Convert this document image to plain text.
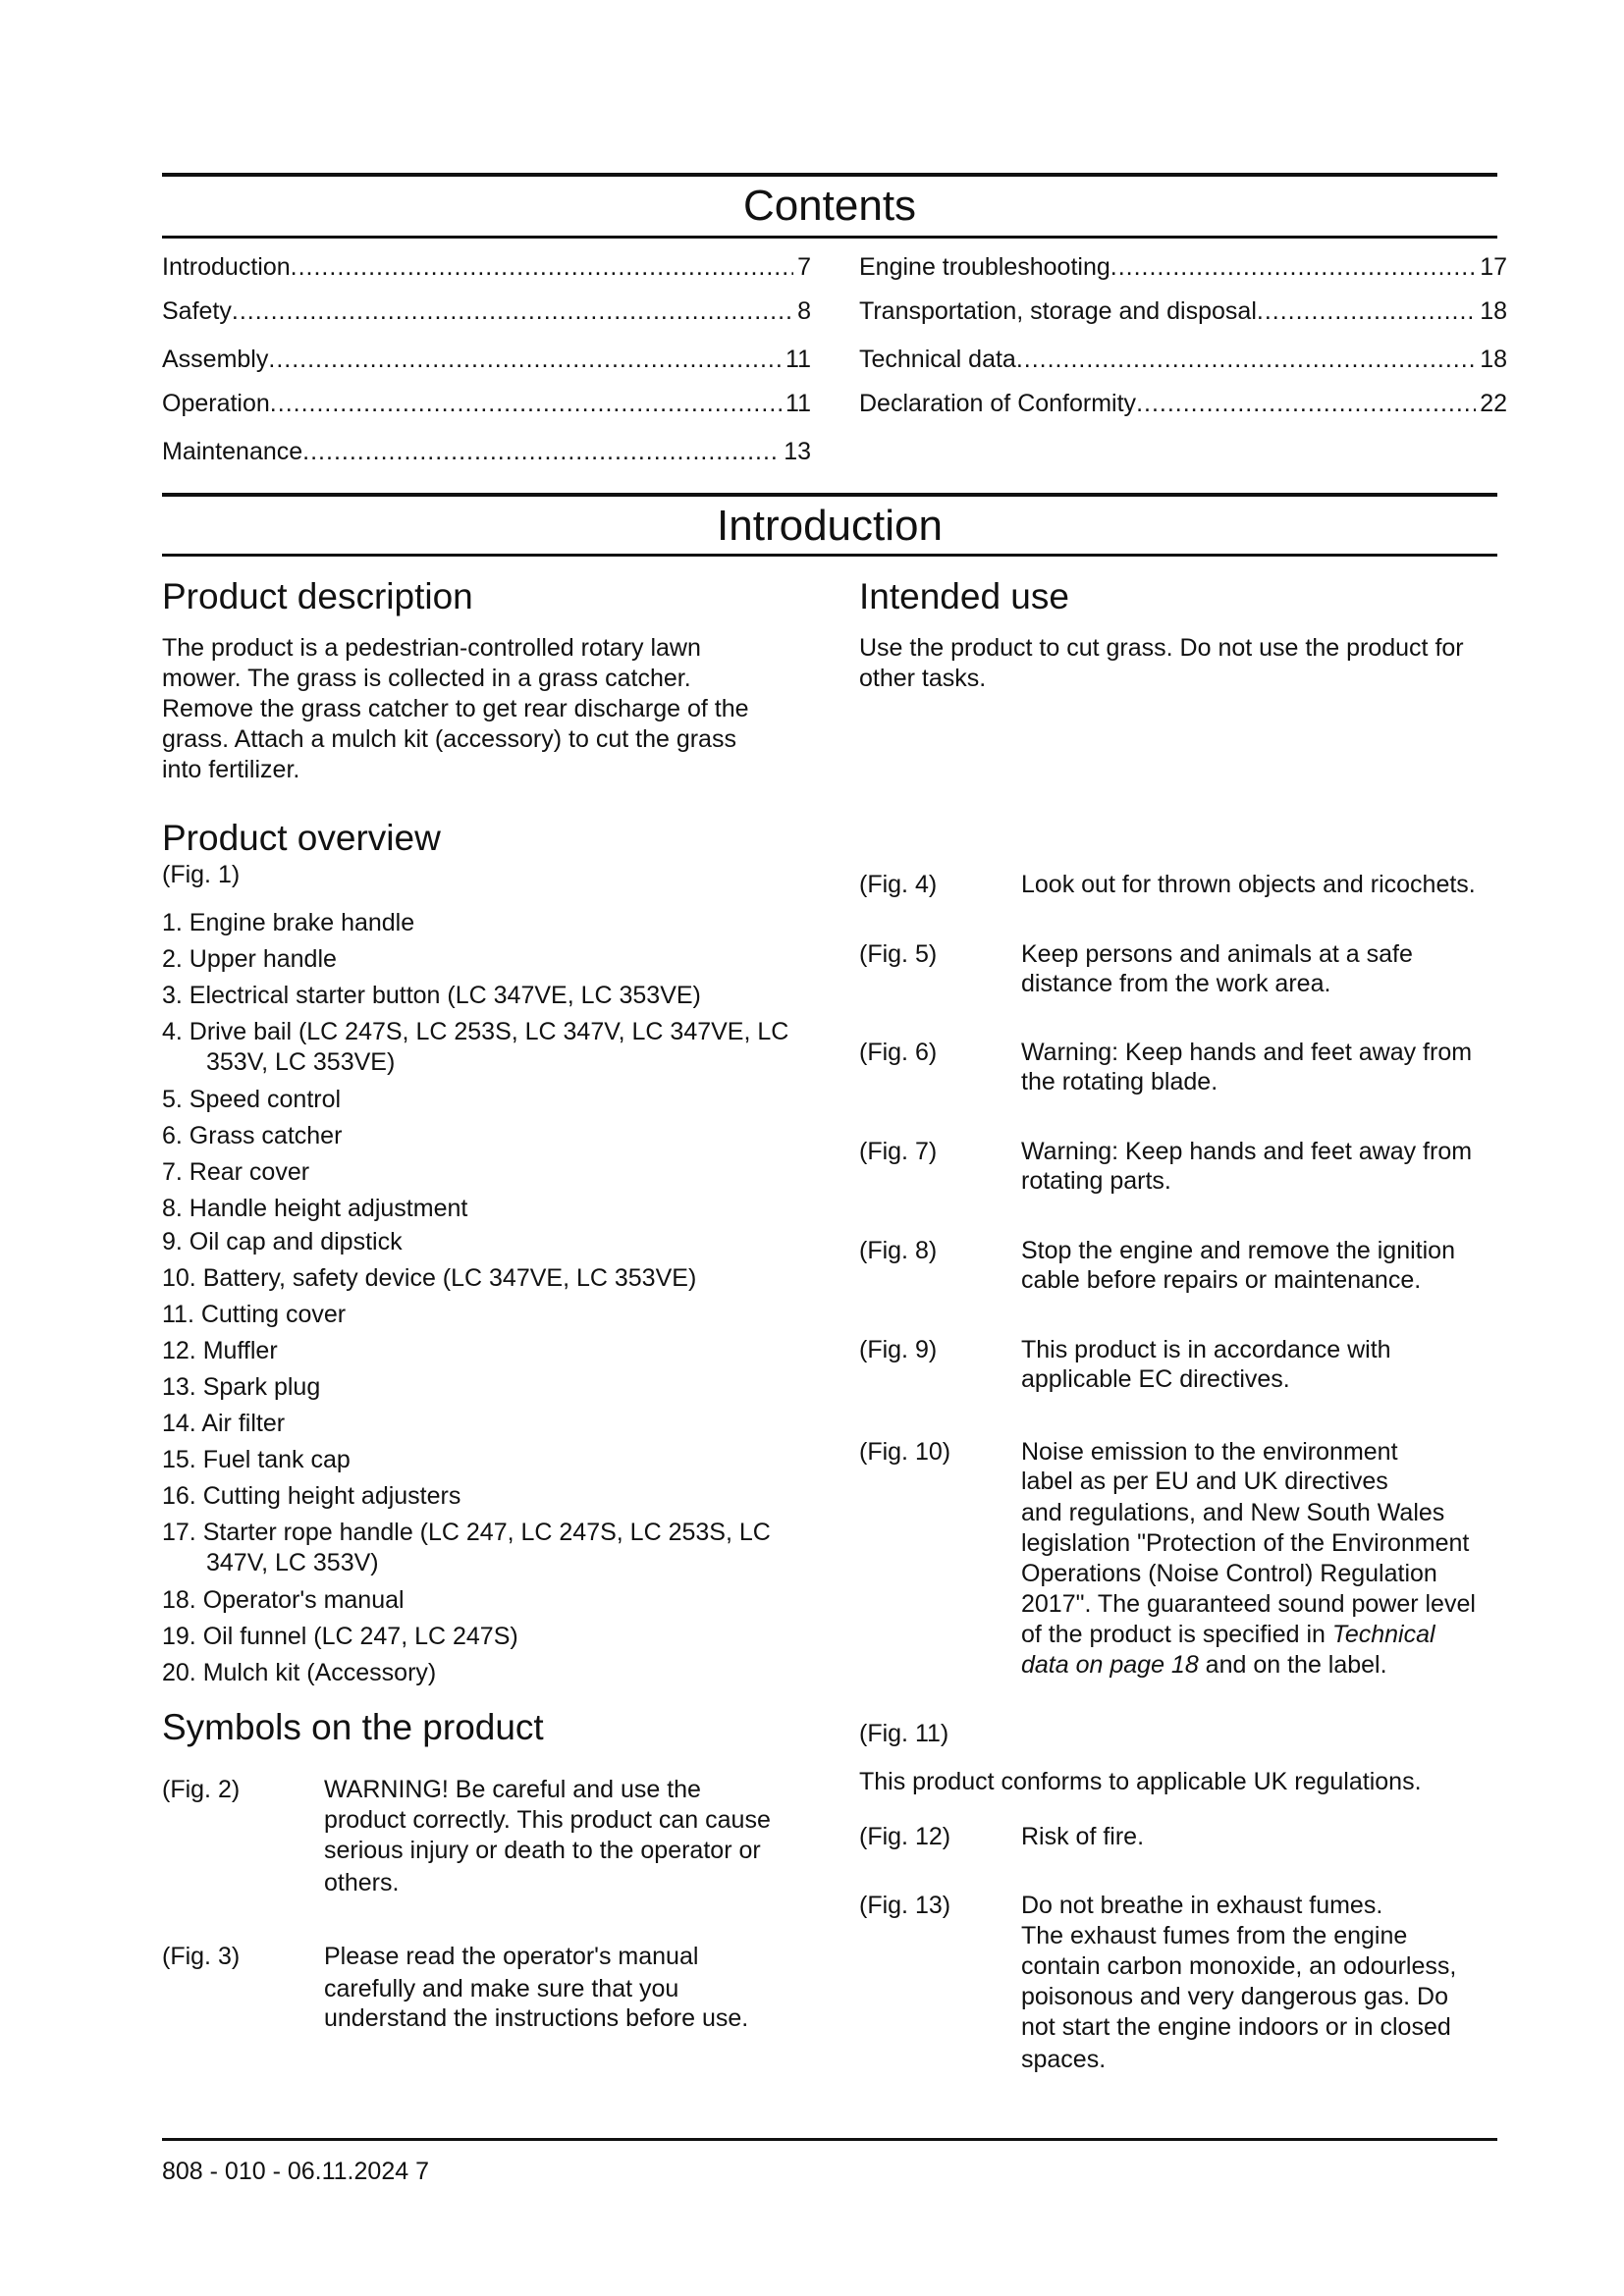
Contents
Introduction .....	7
Safety .....	8
Assembly .....	11
Operation .....	11
Maintenance .....	13
Engine troubleshooting .....	17
Transportation, storage and disposal .....	18
Technical data .....	18
Declaration of Conformity .....	22
Introduction
Product description

The product is a pedestrian-controlled rotary lawn

mower. The grass is collected in a grass catcher.

Remove the grass catcher to get rear discharge of the

grass. Attach a mulch kit (accessory) to cut the grass

into fertilizer.

Intended use

Use the product to cut grass. Do not use the product for

other tasks.

Product overview
(Fig. 1)
1. Engine brake handle
2. Upper handle
3. Electrical starter button (LC 347VE, LC 353VE)
4. Drive bail (LC 247S, LC 253S, LC 347V, LC 347VE, LC 353V, LC 353VE)
5. Speed control
6. Grass catcher
7. Rear cover
8. Handle height adjustment
9. Oil cap and dipstick
10. Battery, safety device (LC 347VE, LC 353VE)
11. Cutting cover
12. Muffler
13. Spark plug
14. Air filter
15. Fuel tank cap
16. Cutting height adjusters
17. Starter rope handle (LC 247, LC 247S, LC 253S, LC 347V, LC 353V)
18. Operator's manual
19. Oil funnel (LC 247, LC 247S)
20. Mulch kit (Accessory)
Symbols on the product
(Fig. 2)	WARNING! Be careful and use the

product correctly. This product can cause

serious injury or death to the operator or

others.

(Fig. 3)	Please read the operator's manual

carefully and make sure that you

understand the instructions before use.

(Fig. 4)	Look out for thrown objects and ricochets.

(Fig. 5)	Keep persons and animals at a safe

distance from the work area.

(Fig. 6)	Warning: Keep hands and feet away from

the rotating blade.

(Fig. 7)	Warning: Keep hands and feet away from

rotating parts.

(Fig. 8)	Stop the engine and remove the ignition

cable before repairs or maintenance.

(Fig. 9)	This product is in accordance with

applicable EC directives.

(Fig. 10)	Noise emission to the environment

label as per EU and UK directives

and regulations, and New South Wales

legislation "Protection of the Environment

Operations (Noise Control) Regulation

2017". The guaranteed sound power level

of the product is specified in Technical

data on page 18 and on the label.

(Fig. 11)

This product conforms to applicable UK regulations.

(Fig. 12)	Risk of fire.

(Fig. 13)	Do not breathe in exhaust fumes.

The exhaust fumes from the engine

contain carbon monoxide, an odourless,

poisonous and very dangerous gas. Do

not start the engine indoors or in closed

spaces.

808 - 010 - 06.11.2024 7
